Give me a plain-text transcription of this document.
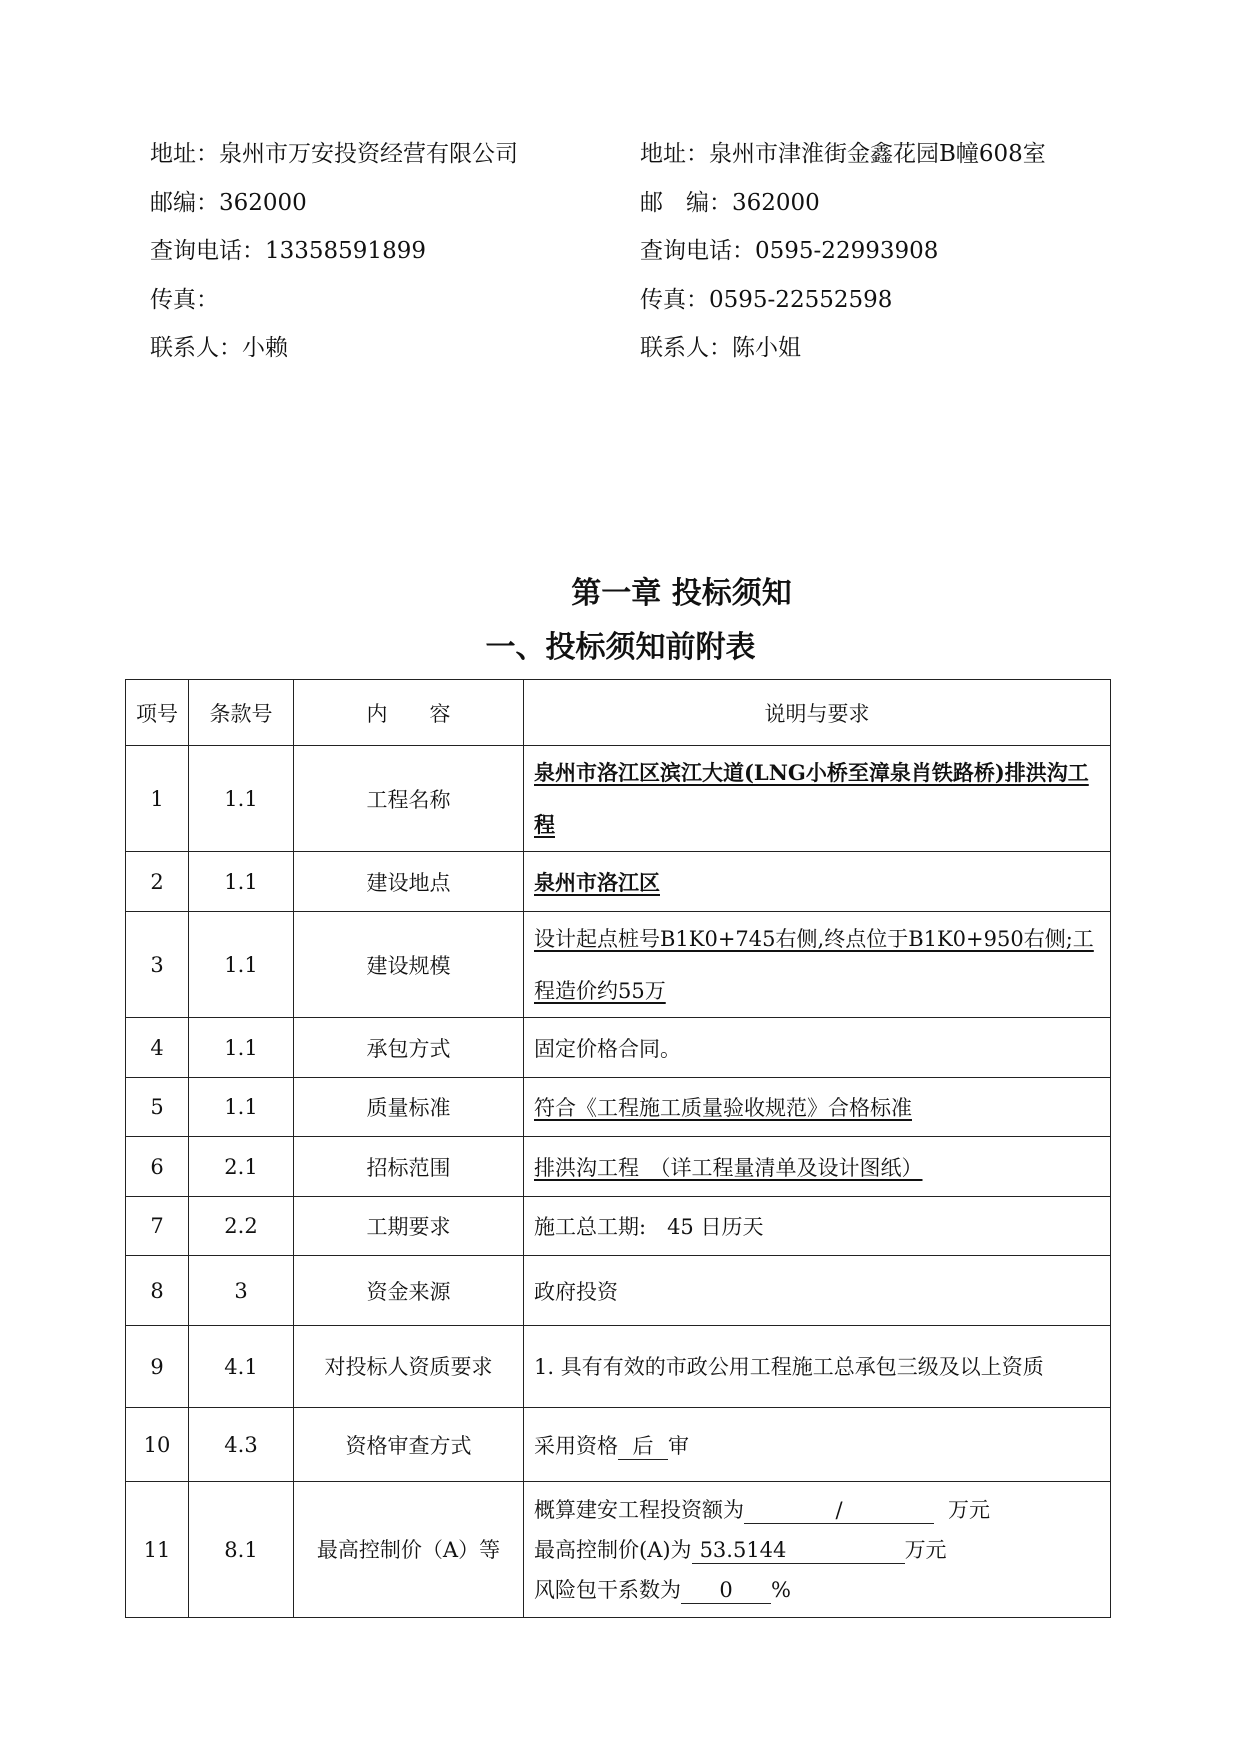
地址：泉州市万安投资经营有限公司
邮编：362000
查询电话：13358591899
传真：
联系人：小赖
地址：泉州市津淮街金鑫花园B幢608室
邮　编：362000
查询电话：0595-22993908
传真：0595-22552598
联系人：陈小姐
第一章 投标须知
一、投标须知前附表
项号	条款号	内　　容	说明与要求
1	1.1	工程名称	泉州市洛江区滨江大道(LNG小桥至漳泉肖铁路桥)排洪沟工程
2	1.1	建设地点	泉州市洛江区
3	1.1	建设规模	设计起点桩号B1K0+745右侧,终点位于B1K0+950右侧;工程造价约55万
4	1.1	承包方式	固定价格合同。
5	1.1	质量标准	符合《工程施工质量验收规范》合格标准
6	2.1	招标范围	排洪沟工程　（详工程量清单及设计图纸）
7	2.2	工期要求	施工总工期:　45 日历天
8	3	资金来源	政府投资
9	4.1	对投标人资质要求	1. 具有有效的市政公用工程施工总承包三级及以上资质
10	4.3	资格审查方式	采用资格 后 审
11	8.1	最高控制价（A）等	概算建安工程投资额为 / 万元
最高控制价(A)为 53.5144 万元
风险包干系数为 0 %
